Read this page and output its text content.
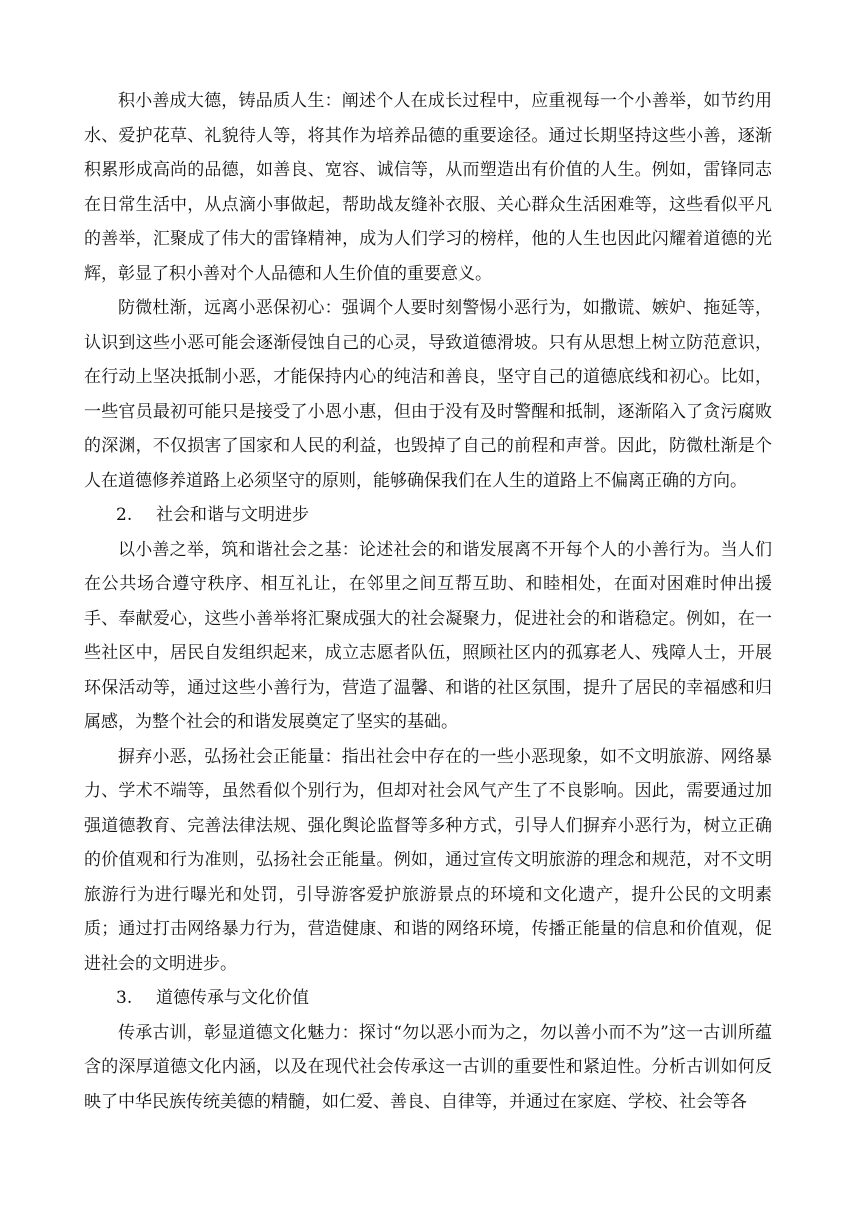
积小善成大德，铸品质人生：阐述个人在成长过程中，应重视每一个小善举，如节约用水、爱护花草、礼貌待人等，将其作为培养品德的重要途径。通过长期坚持这些小善，逐渐积累形成高尚的品德，如善良、宽容、诚信等，从而塑造出有价值的人生。例如，雷锋同志在日常生活中，从点滴小事做起，帮助战友缝补衣服、关心群众生活困难等，这些看似平凡的善举，汇聚成了伟大的雷锋精神，成为人们学习的榜样，他的人生也因此闪耀着道德的光辉，彰显了积小善对个人品德和人生价值的重要意义。

防微杜渐，远离小恶保初心：强调个人要时刻警惕小恶行为，如撒谎、嫉妒、拖延等，认识到这些小恶可能会逐渐侵蚀自己的心灵，导致道德滑坡。只有从思想上树立防范意识，在行动上坚决抵制小恶，才能保持内心的纯洁和善良，坚守自己的道德底线和初心。比如，一些官员最初可能只是接受了小恩小惠，但由于没有及时警醒和抵制，逐渐陷入了贪污腐败的深渊，不仅损害了国家和人民的利益，也毁掉了自己的前程和声誉。因此，防微杜渐是个人在道德修养道路上必须坚守的原则，能够确保我们在人生的道路上不偏离正确的方向。

2. 社会和谐与文明进步

以小善之举，筑和谐社会之基：论述社会的和谐发展离不开每个人的小善行为。当人们在公共场合遵守秩序、相互礼让，在邻里之间互帮互助、和睦相处，在面对困难时伸出援手、奉献爱心，这些小善举将汇聚成强大的社会凝聚力，促进社会的和谐稳定。例如，在一些社区中，居民自发组织起来，成立志愿者队伍，照顾社区内的孤寡老人、残障人士，开展环保活动等，通过这些小善行为，营造了温馨、和谐的社区氛围，提升了居民的幸福感和归属感，为整个社会的和谐发展奠定了坚实的基础。

摒弃小恶，弘扬社会正能量：指出社会中存在的一些小恶现象，如不文明旅游、网络暴力、学术不端等，虽然看似个别行为，但却对社会风气产生了不良影响。因此，需要通过加强道德教育、完善法律法规、强化舆论监督等多种方式，引导人们摒弃小恶行为，树立正确的价值观和行为准则，弘扬社会正能量。例如，通过宣传文明旅游的理念和规范，对不文明旅游行为进行曝光和处罚，引导游客爱护旅游景点的环境和文化遗产，提升公民的文明素质；通过打击网络暴力行为，营造健康、和谐的网络环境，传播正能量的信息和价值观，促进社会的文明进步。

3. 道德传承与文化价值

传承古训，彰显道德文化魅力：探讨“勿以恶小而为之，勿以善小而不为”这一古训所蕴含的深厚道德文化内涵，以及在现代社会传承这一古训的重要性和紧迫性。分析古训如何反映了中华民族传统美德的精髓，如仁爱、善良、自律等，并通过在家庭、学校、社会等各
